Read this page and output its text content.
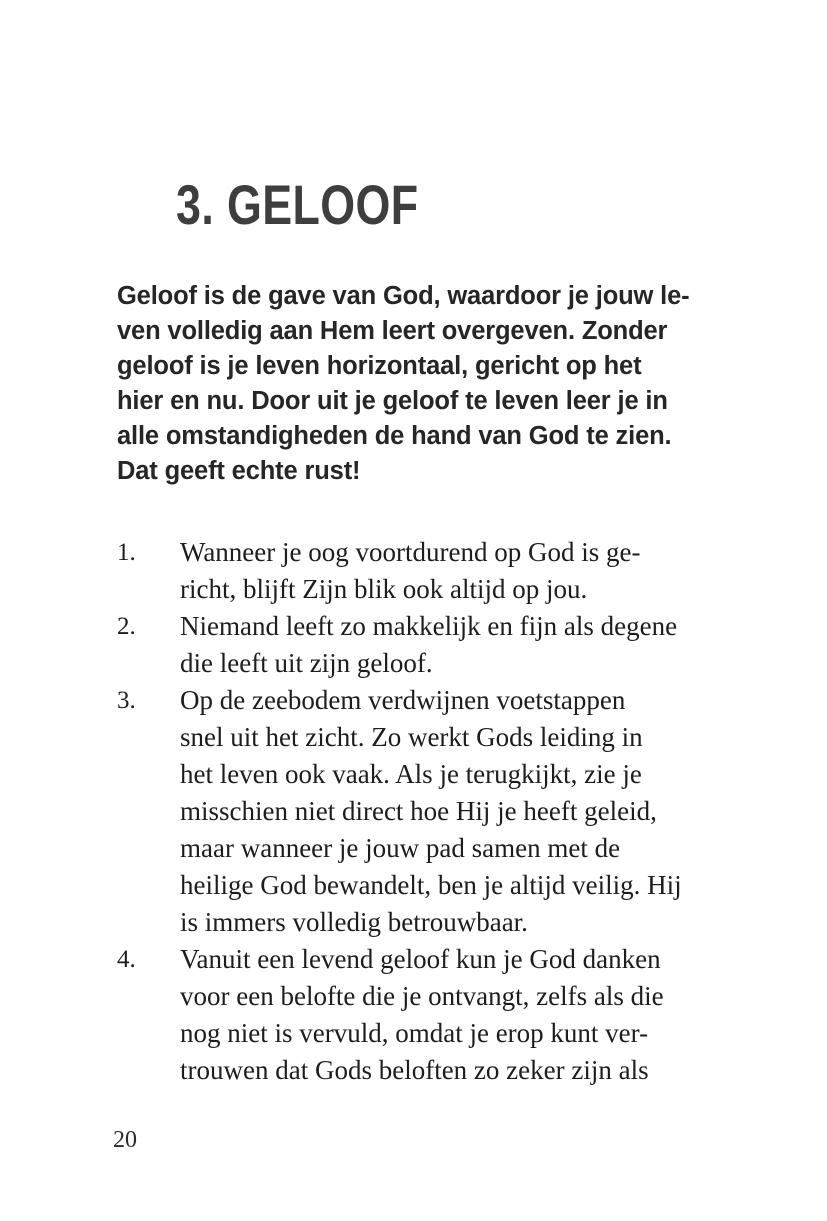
3. GELOOF
Geloof is de gave van God, waardoor je jouw le-
ven volledig aan Hem leert overgeven. Zonder
geloof is je leven horizontaal, gericht op het
hier en nu. Door uit je geloof te leven leer je in
alle omstandigheden de hand van God te zien.
Dat geeft echte rust!
1.	Wanneer je oog voortdurend op God is ge-
richt, blijft Zijn blik ook altijd op jou.
2.	Niemand leeft zo makkelijk en fijn als degene
die leeft uit zijn geloof.
3.	Op de zeebodem verdwijnen voetstappen
snel uit het zicht. Zo werkt Gods leiding in
het leven ook vaak. Als je terugkijkt, zie je
misschien niet direct hoe Hij je heeft geleid,
maar wanneer je jouw pad samen met de
heilige God bewandelt, ben je altijd veilig. Hij
is immers volledig betrouwbaar.
4.	Vanuit een levend geloof kun je God danken
voor een belofte die je ontvangt, zelfs als die
nog niet is vervuld, omdat je erop kunt ver-
trouwen dat Gods beloften zo zeker zijn als
20
